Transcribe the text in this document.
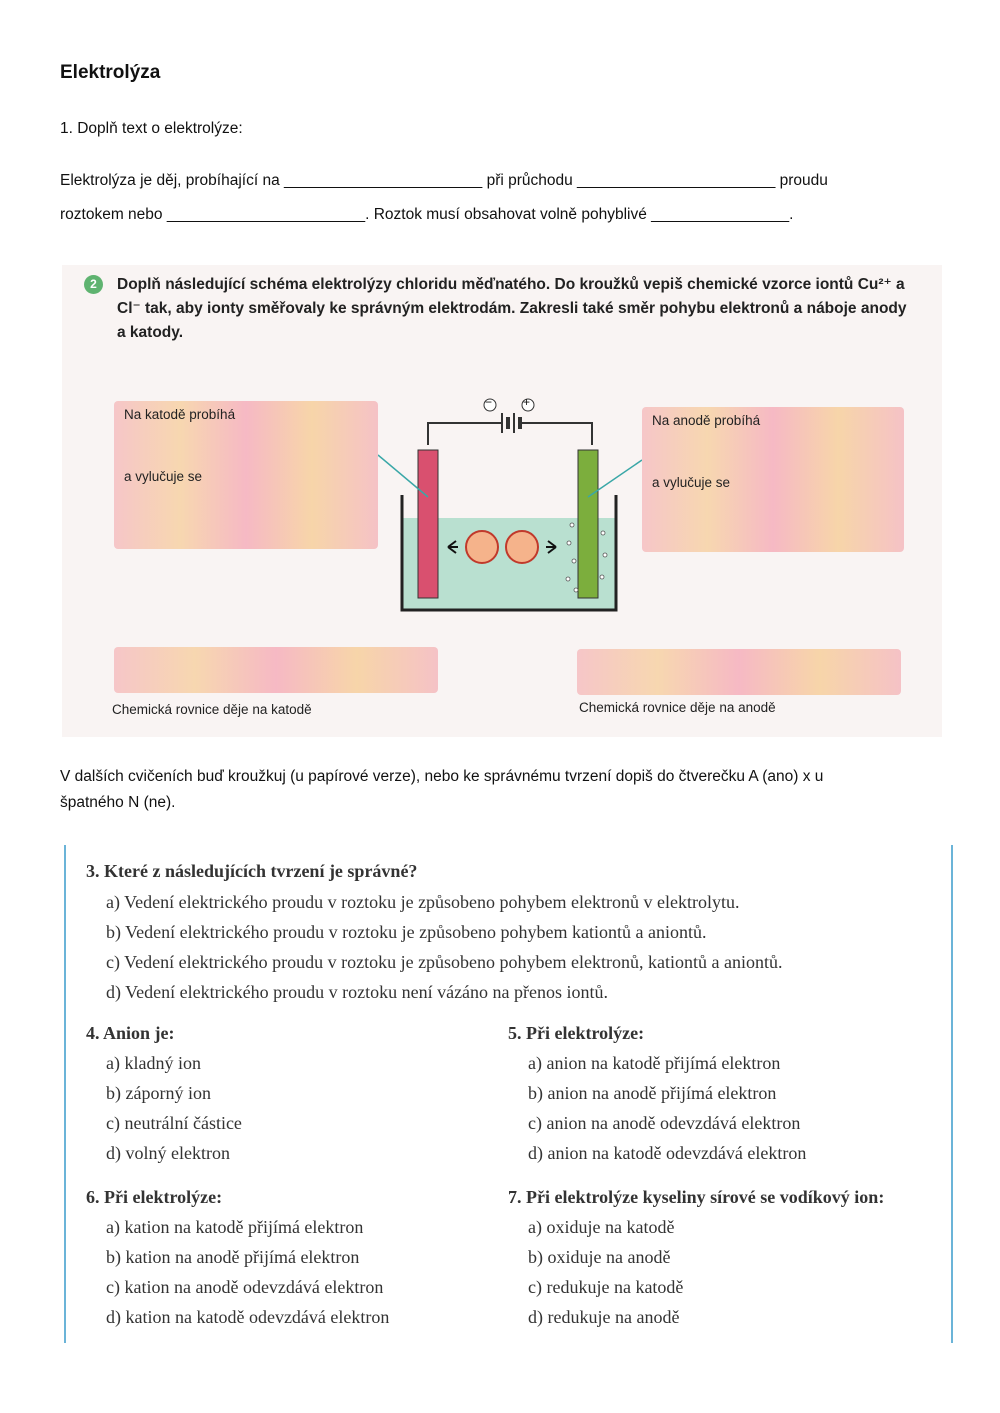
Elektrolýza
1. Doplň text o elektrolýze:
Elektrolýza je děj, probíhající na _______________________ při průchodu _______________________ proudu
roztokem nebo _______________________. Roztok musí obsahovat volně pohyblivé ________________.
2	Doplň následující schéma elektrolýzy chloridu měďnatého. Do kroužků vepiš chemické vzorce iontů Cu²⁺ a Cl⁻ tak, aby ionty směřovaly ke správným elektrodám. Zakresli také směr pohybu elektronů a náboje anody a katody.

−	+
Na katodě probíhá
a vylučuje se
Na anodě probíhá
a vylučuje se
Chemická rovnice děje na katodě	Chemická rovnice děje na anodě
V dalších cvičeních buď kroužkuj (u papírové verze), nebo ke správnému tvrzení dopiš do čtverečku A (ano) x u
špatného N (ne).
3. Které z následujících tvrzení je správné?
a) Vedení elektrického proudu v roztoku je způsobeno pohybem elektronů v elektrolytu.
b) Vedení elektrického proudu v roztoku je způsobeno pohybem kationtů a aniontů.
c) Vedení elektrického proudu v roztoku je způsobeno pohybem elektronů, kationtů a aniontů.
d) Vedení elektrického proudu v roztoku není vázáno na přenos iontů.
4. Anion je:
a) kladný ion
b) záporný ion
c) neutrální částice
d) volný elektron
5. Při elektrolýze:
a) anion na katodě přijímá elektron
b) anion na anodě přijímá elektron
c) anion na anodě odevzdává elektron
d) anion na katodě odevzdává elektron
6. Při elektrolýze:
a) kation na katodě přijímá elektron
b) kation na anodě přijímá elektron
c) kation na anodě odevzdává elektron
d) kation na katodě odevzdává elektron
7. Při elektrolýze kyseliny sírové se vodíkový ion:
a) oxiduje na katodě
b) oxiduje na anodě
c) redukuje na katodě
d) redukuje na anodě
